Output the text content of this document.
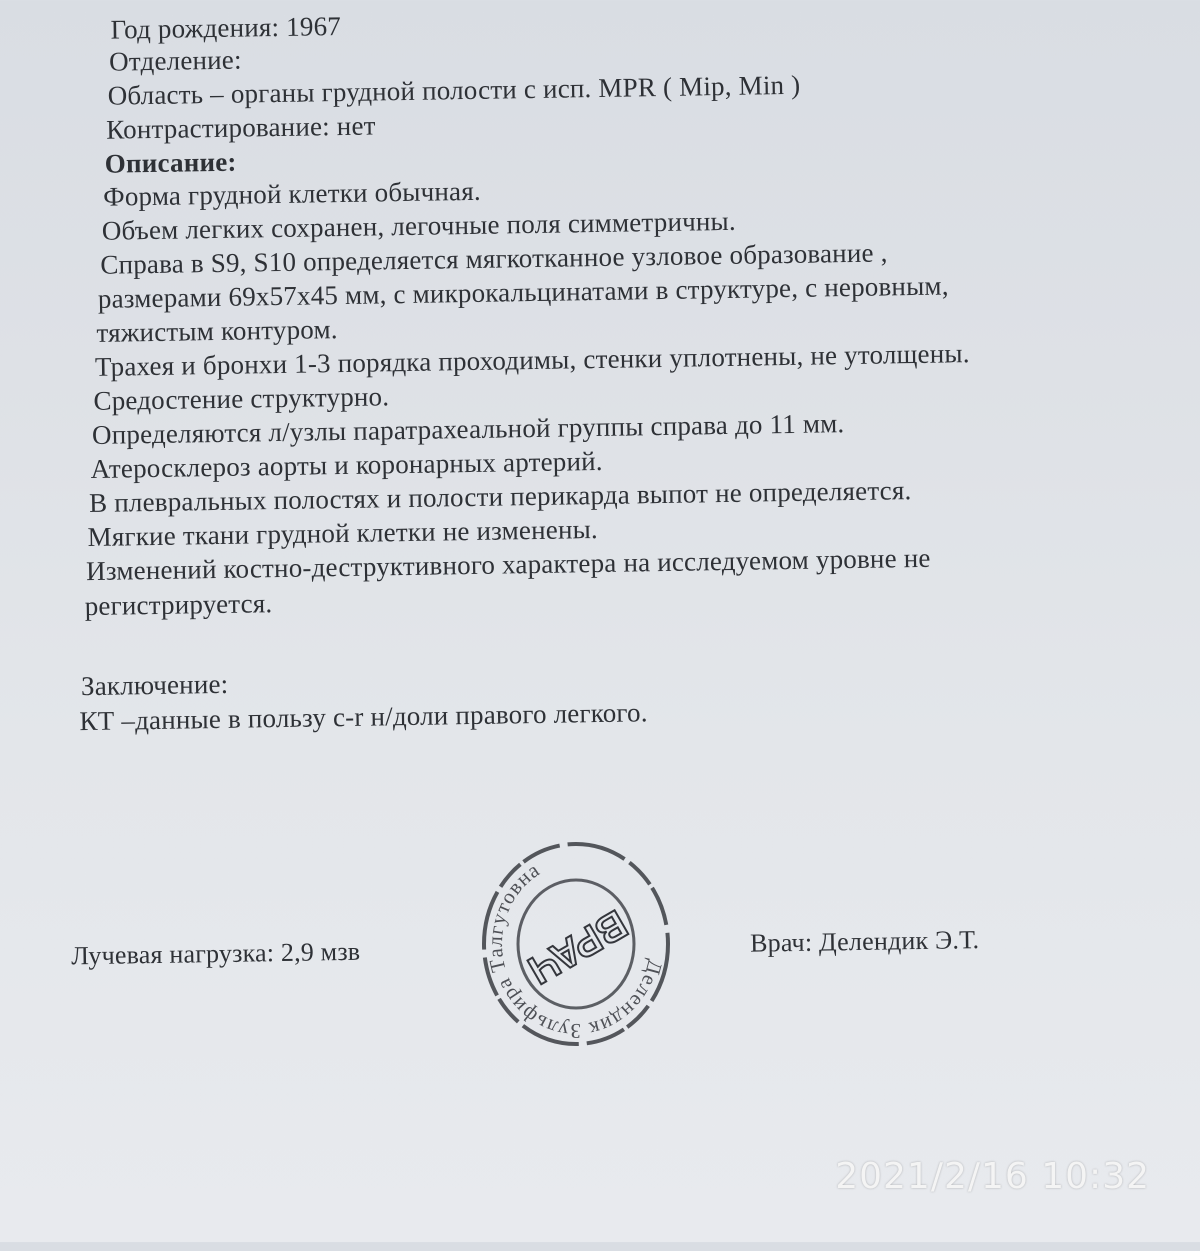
Год рождения: 1967
Отделение:
Область – органы грудной полости с исп. MPR ( Mip, Min )
Контрастирование: нет
Описание:
Форма грудной клетки обычная.
Объем легких сохранен, легочные поля симметричны.
Справа в S9, S10 определяется мягкотканное узловое образование ,
размерами 69x57x45 мм, с микрокальцинатами в структуре, с неровным,
тяжистым контуром.
Трахея и бронхи 1-3 порядка проходимы, стенки уплотнены, не утолщены.
Средостение структурно.
Определяются л/узлы паратрахеальной группы справа до 11 мм.
Атеросклероз аорты и коронарных артерий.
В плевральных полостях и полости перикарда выпот не определяется.
Мягкие ткани грудной клетки не изменены.
Изменений костно-деструктивного характера на исследуемом уровне не
регистрируется.
Заключение:
КТ –данные в пользу с-r н/доли правого легкого.
Лучевая нагрузка: 2,9 мзв	Врач: Делендик Э.Т.
Делендик Зульфира Талгутовна
ВРАЧ
2021/2/16 10:32
